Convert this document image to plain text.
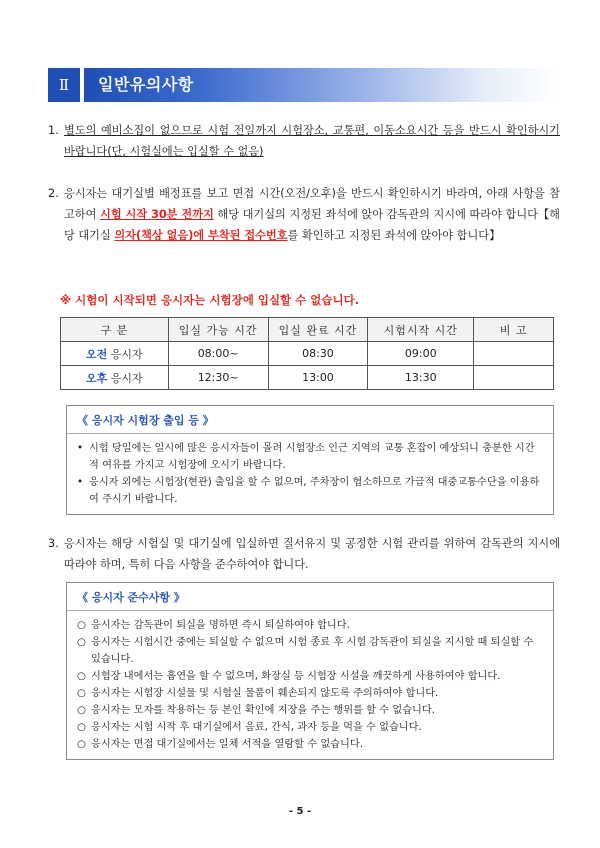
Ⅱ	일반유의사항
1. 별도의 예비소집이 없으므로 시험 전일까지 시험장소, 교통편, 이동소요시간 등을 반드시 확인하시기 바랍니다(단, 시험실에는 입실할 수 없음)
2. 응시자는 대기실별 배정표를 보고 면접 시간(오전/오후)을 반드시 확인하시기 바라며, 아래 사항을 참고하여 시험 시작 30분 전까지 해당 대기실의 지정된 좌석에 앉아 감독관의 지시에 따라야 합니다【해당 대기실 의자(책상 없음)에 부착된 접수번호를 확인하고 지정된 좌석에 앉아야 합니다】
※ 시험이 시작되면 응시자는 시험장에 입실할 수 없습니다.
구 분	입실 가능 시간	입실 완료 시간	시험시작 시간	비 고
오전 응시자	08:00~	08:30	09:00	
오후 응시자	12:30~	13:00	13:30	
《 응시자 시험장 출입 등 》
• 시험 당일에는 일시에 많은 응시자들이 몰려 시험장소 인근 지역의 교통 혼잡이 예상되니 충분한 시간적 여유를 가지고 시험장에 오시기 바랍니다.
• 응시자 외에는 시험장(현관) 출입을 할 수 없으며, 주차장이 협소하므로 가급적 대중교통수단을 이용하여 주시기 바랍니다.
3. 응시자는 해당 시험실 및 대기실에 입실하면 질서유지 및 공정한 시험 관리를 위하여 감독관의 지시에 따라야 하며, 특히 다음 사항을 준수하여야 합니다.
《 응시자 준수사항 》
○ 응시자는 감독관이 퇴실을 명하면 즉시 퇴실하여야 합니다.
○ 응시자는 시험시간 중에는 퇴실할 수 없으며 시험 종료 후 시험 감독관이 퇴실을 지시할 때 퇴실할 수 있습니다.
○ 시험장 내에서는 흡연을 할 수 없으며, 화장실 등 시험장 시설을 깨끗하게 사용하여야 합니다.
○ 응시자는 시험장 시설물 및 시험실 물품이 훼손되지 않도록 주의하여야 합니다.
○ 응시자는 모자를 착용하는 등 본인 확인에 지장을 주는 행위를 할 수 없습니다.
○ 응시자는 시험 시작 후 대기실에서 음료, 간식, 과자 등을 먹을 수 없습니다.
○ 응시자는 면접 대기실에서는 일체 서적을 열람할 수 없습니다.
- 5 -
